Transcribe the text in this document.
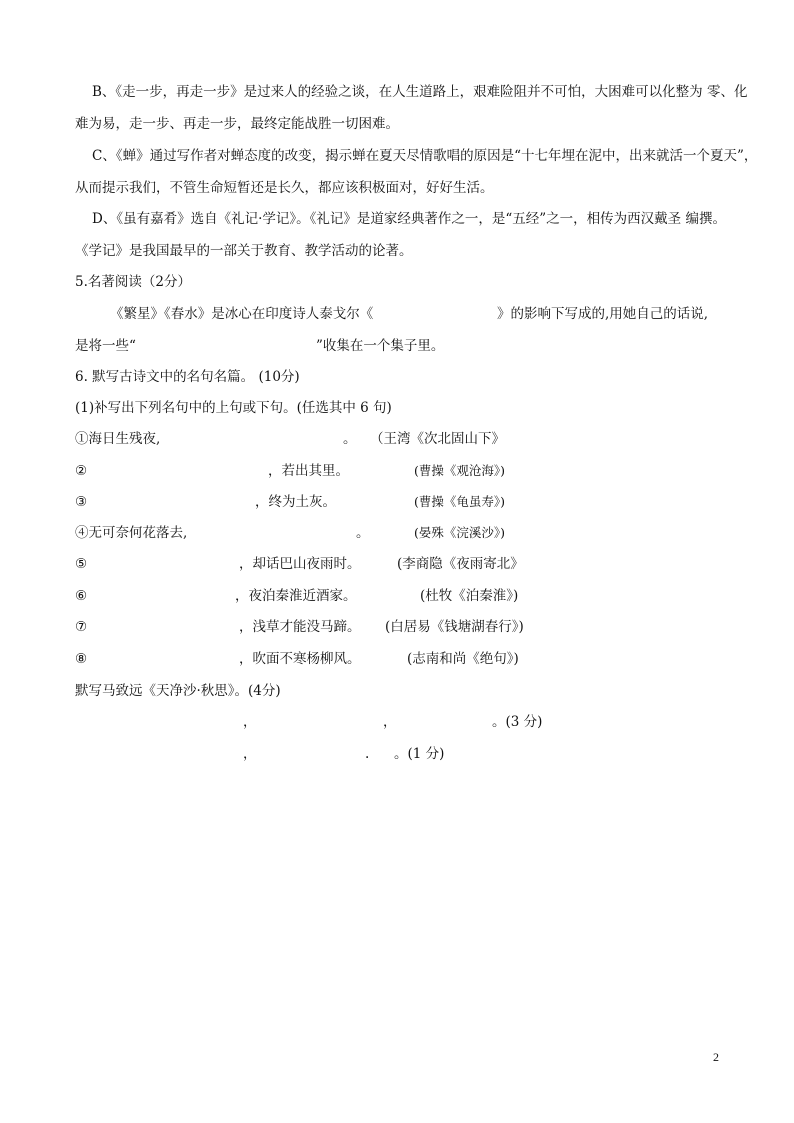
B、《走一步，再走一步》是过来人的经验之谈，在人生道路上，艰难险阻并不可怕，大困难可以化整为 零、化
难为易，走一步、再走一步，最终定能战胜一切困难。
C、《蝉》通过写作者对蝉态度的改变，揭示蝉在夏天尽情歌唱的原因是“十七年埋在泥中，出来就活一个夏天”，
从而提示我们，不管生命短暂还是长久，都应该积极面对，好好生活。
D、《虽有嘉肴》选自《礼记·学记》。《礼记》是道家经典著作之一，是“五经”之一，相传为西汉戴圣 编撰。
《学记》是我国最早的一部关于教育、教学活动的论著。
5.名著阅读（2分）
《繁星》《春水》是冰心在印度诗人泰戈尔《	》的影响下写成的,用她自己的话说,
是将一些“	”收集在一个集子里。
6. 默写古诗文中的名句名篇。 (10分)
(1)补写出下列名句中的上句或下句。(任选其中 6 句)
①海日生残夜,	。 （王湾《次北固山下》
②	，若出其里。	(曹操《观沧海》)
③	，终为土灰。	(曹操《龟虽寿》)
④无可奈何花落去,	。	(晏殊《浣溪沙》)
⑤	，却话巴山夜雨时。	(李商隐《夜雨寄北》
⑥	，夜泊秦淮近酒家。	(杜牧《泊秦淮》)
⑦	，浅草才能没马蹄。 (白居易《钱塘湖春行》)
⑧	，吹面不寒杨柳风。	(志南和尚《绝句》)
默写马致远《天净沙·秋思》。(4分)
，	，	。(3 分)
，	. 。(1 分)
2
